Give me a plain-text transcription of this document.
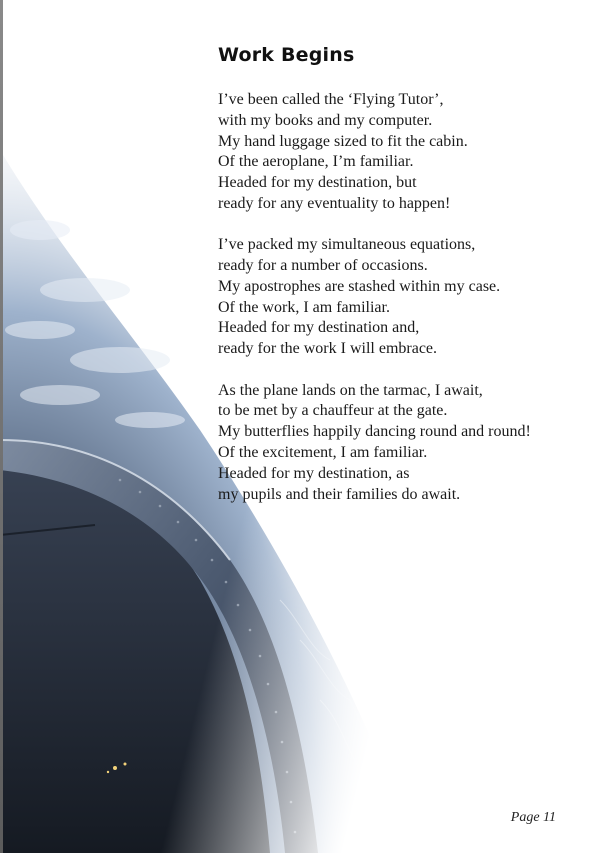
Work Begins

I’ve been called the ‘Flying Tutor’,
with my books and my computer.
My hand luggage sized to fit the cabin.
Of the aeroplane, I’m familiar.
Headed for my destination, but
ready for any eventuality to happen!

I’ve packed my simultaneous equations,
ready for a number of occasions.
My apostrophes are stashed within my case.
Of the work, I am familiar.
Headed for my destination and,
ready for the work I will embrace.

As the plane lands on the tarmac, I await,
to be met by a chauffeur at the gate.
My butterflies happily dancing round and round!
Of the excitement, I am familiar.
Headed for my destination, as
my pupils and their families do await.

Page 11
